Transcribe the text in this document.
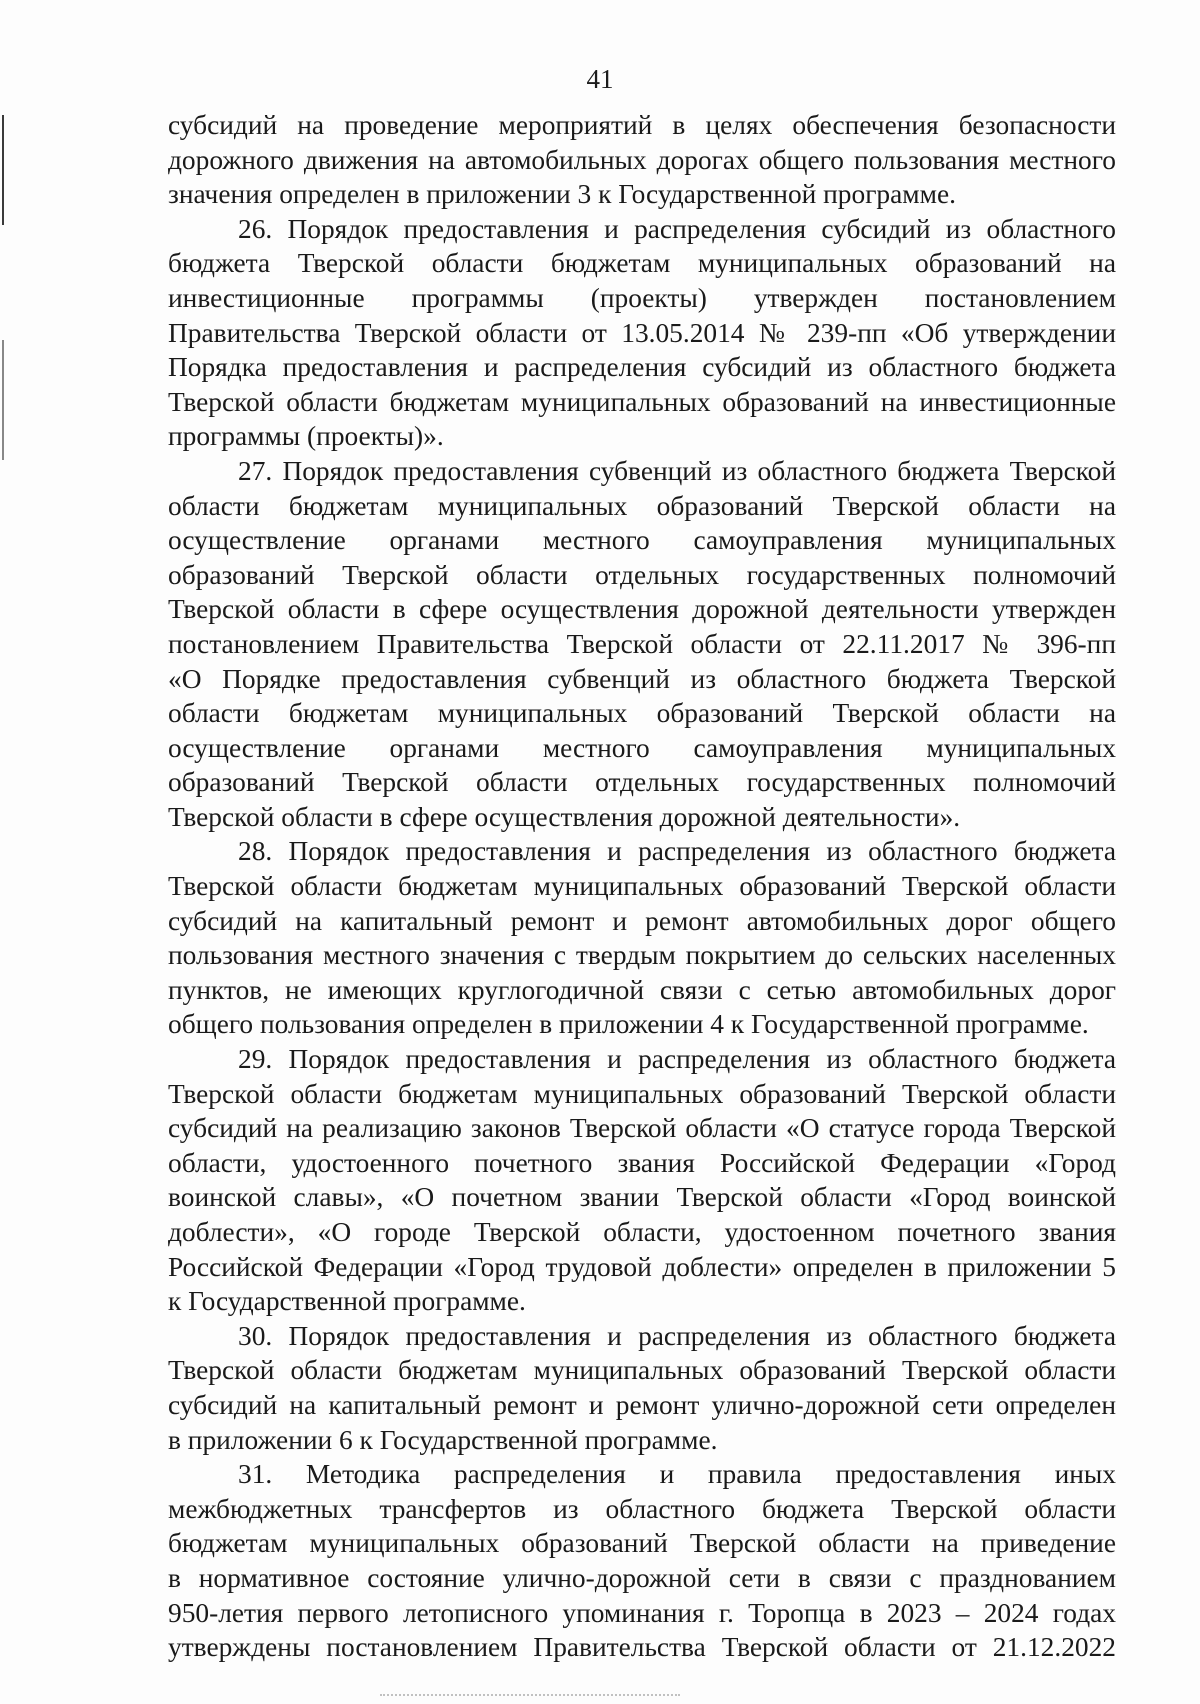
41
субсидий на проведение мероприятий в целях обеспечения безопасности
дорожного движения на автомобильных дорогах общего пользования местного
значения определен в приложении 3 к Государственной программе.
26. Порядок предоставления и распределения субсидий из областного
бюджета Тверской области бюджетам муниципальных образований на
инвестиционные программы (проекты) утвержден постановлением
Правительства Тверской области от 13.05.2014 № 239-пп «Об утверждении
Порядка предоставления и распределения субсидий из областного бюджета
Тверской области бюджетам муниципальных образований на инвестиционные
программы (проекты)».
27. Порядок предоставления субвенций из областного бюджета Тверской
области бюджетам муниципальных образований Тверской области на
осуществление органами местного самоуправления муниципальных
образований Тверской области отдельных государственных полномочий
Тверской области в сфере осуществления дорожной деятельности утвержден
постановлением Правительства Тверской области от 22.11.2017 № 396-пп
«О Порядке предоставления субвенций из областного бюджета Тверской
области бюджетам муниципальных образований Тверской области на
осуществление органами местного самоуправления муниципальных
образований Тверской области отдельных государственных полномочий
Тверской области в сфере осуществления дорожной деятельности».
28. Порядок предоставления и распределения из областного бюджета
Тверской области бюджетам муниципальных образований Тверской области
субсидий на капитальный ремонт и ремонт автомобильных дорог общего
пользования местного значения с твердым покрытием до сельских населенных
пунктов, не имеющих круглогодичной связи с сетью автомобильных дорог
общего пользования определен в приложении 4 к Государственной программе.
29. Порядок предоставления и распределения из областного бюджета
Тверской области бюджетам муниципальных образований Тверской области
субсидий на реализацию законов Тверской области «О статусе города Тверской
области, удостоенного почетного звания Российской Федерации «Город
воинской славы», «О почетном звании Тверской области «Город воинской
доблести», «О городе Тверской области, удостоенном почетного звания
Российской Федерации «Город трудовой доблести» определен в приложении 5
к Государственной программе.
30. Порядок предоставления и распределения из областного бюджета
Тверской области бюджетам муниципальных образований Тверской области
субсидий на капитальный ремонт и ремонт улично-дорожной сети определен
в приложении 6 к Государственной программе.
31. Методика распределения и правила предоставления иных
межбюджетных трансфертов из областного бюджета Тверской области
бюджетам муниципальных образований Тверской области на приведение
в нормативное состояние улично-дорожной сети в связи с празднованием
950-летия первого летописного упоминания г. Торопца в 2023 – 2024 годах
утверждены постановлением Правительства Тверской области от 21.12.2022
